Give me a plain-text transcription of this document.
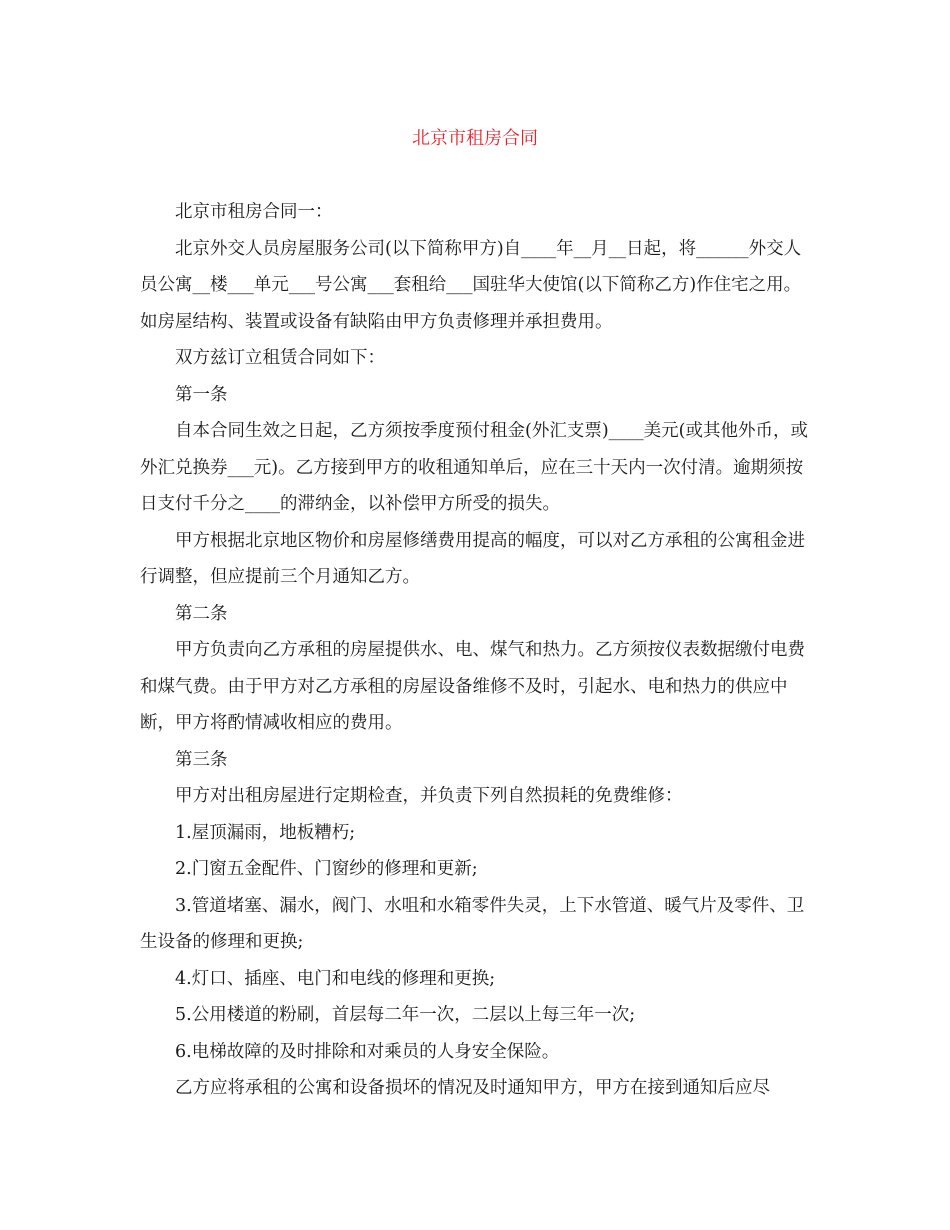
北京市租房合同

北京市租房合同一：

北京外交人员房屋服务公司(以下简称甲方)自____年__月__日起，将______外交人员公寓__楼___单元___号公寓___套租给___国驻华大使馆(以下简称乙方)作住宅之用。如房屋结构、装置或设备有缺陷由甲方负责修理并承担费用。

双方兹订立租赁合同如下：

第一条

自本合同生效之日起，乙方须按季度预付租金(外汇支票)____美元(或其他外币，或外汇兑换券___元)。乙方接到甲方的收租通知单后，应在三十天内一次付清。逾期须按日支付千分之____的滞纳金，以补偿甲方所受的损失。

甲方根据北京地区物价和房屋修缮费用提高的幅度，可以对乙方承租的公寓租金进行调整，但应提前三个月通知乙方。

第二条

甲方负责向乙方承租的房屋提供水、电、煤气和热力。乙方须按仪表数据缴付电费和煤气费。由于甲方对乙方承租的房屋设备维修不及时，引起水、电和热力的供应中断，甲方将酌情减收相应的费用。

第三条

甲方对出租房屋进行定期检查，并负责下列自然损耗的免费维修：

1.屋顶漏雨，地板糟朽;

2.门窗五金配件、门窗纱的修理和更新;

3.管道堵塞、漏水，阀门、水咀和水箱零件失灵，上下水管道、暖气片及零件、卫生设备的修理和更换;

4.灯口、插座、电门和电线的修理和更换;

5.公用楼道的粉刷，首层每二年一次，二层以上每三年一次;

6.电梯故障的及时排除和对乘员的人身安全保险。

乙方应将承租的公寓和设备损坏的情况及时通知甲方，甲方在接到通知后应尽
